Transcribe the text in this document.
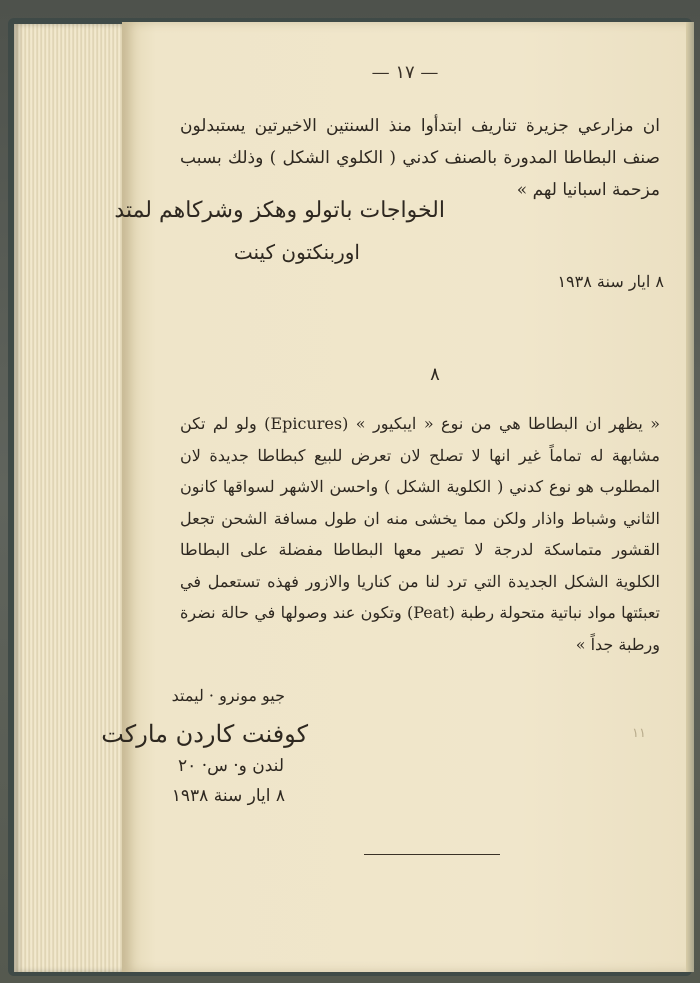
— ١٧ —
ان مزارعي جزيرة تناريف ابتدأوا منذ السنتين الاخيرتين يستبدلون صنف البطاطا المدورة بالصنف كدني ( الكلوي الشكل ) وذلك بسبب مزحمة اسبانيا لهم »
الخواجات باتولو وهكز وشركاهم لمتد
اوربنكتون كينت
٨ ايار سنة ١٩٣٨
٨
« يظهر ان البطاطا هي من نوع « ايبكيور » (Epicures) ولو لم تكن مشابهة له تماماً غير انها لا تصلح لان تعرض للبيع كبطاطا جديدة لان المطلوب هو نوع كدني ( الكلوية الشكل ) واحسن الاشهر لسواقها كانون الثاني وشباط واذار ولكن مما يخشى منه ان طول مسافة الشحن تجعل القشور متماسكة لدرجة لا تصير معها البطاطا مفضلة على البطاطا الكلوية الشكل الجديدة التي ترد لنا من كناريا والازور فهذه تستعمل في تعبئتها مواد نباتية متحولة رطبة (Peat) وتكون عند وصولها في حالة نضرة ورطبة جداً »
جيو مونرو · ليمتد
كوفنت كاردن ماركت
لندن و· س· ٢٠
٨ ايار سنة ١٩٣٨
١١
